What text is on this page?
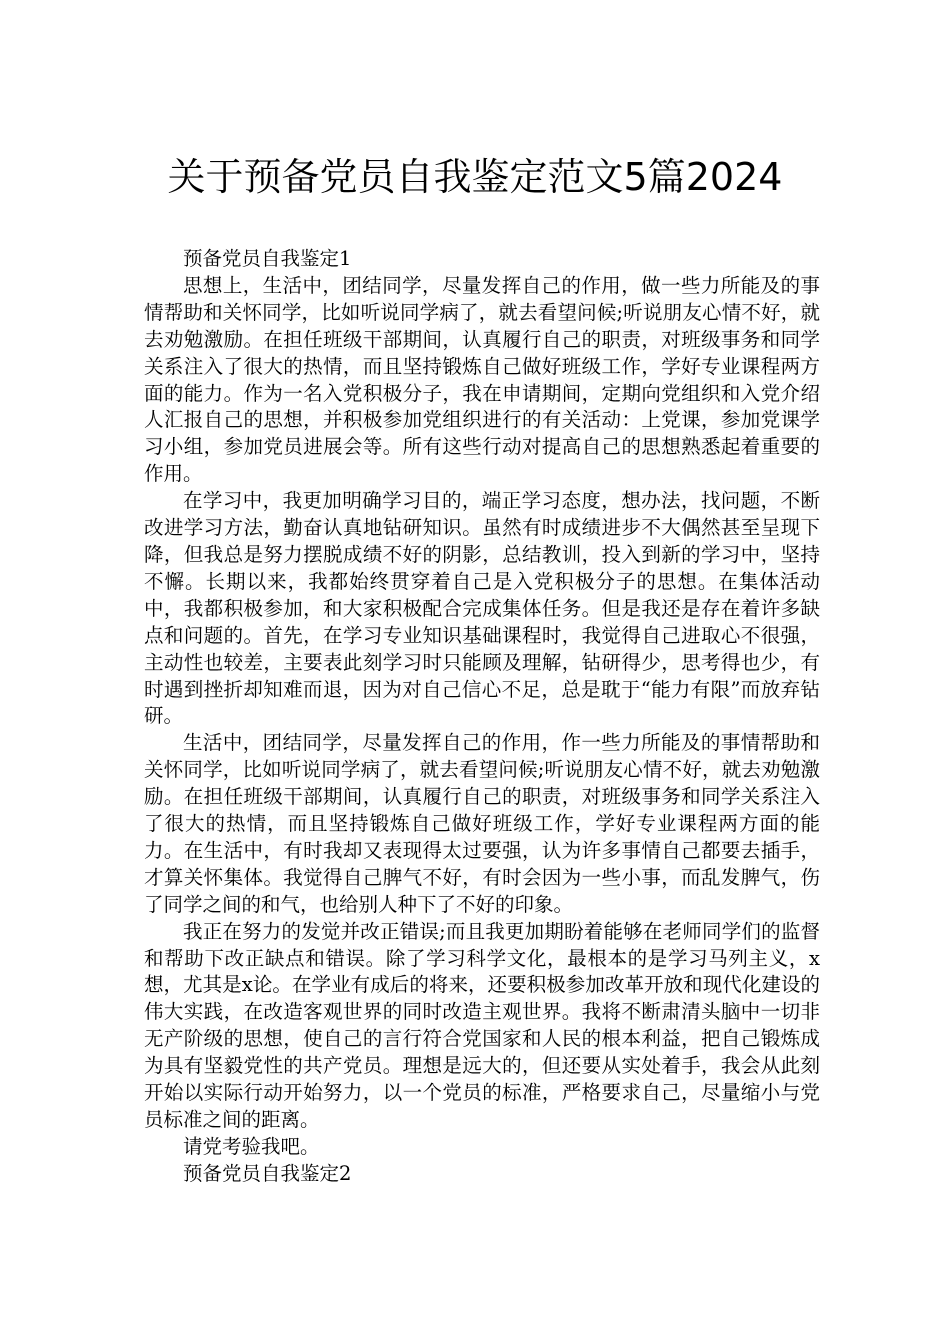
关于预备党员自我鉴定范文5篇2024

预备党员自我鉴定1

思想上，生活中，团结同学，尽量发挥自己的作用，做一些力所能及的事情帮助和关怀同学，比如听说同学病了，就去看望问候;听说朋友心情不好，就去劝勉激励。在担任班级干部期间，认真履行自己的职责，对班级事务和同学关系注入了很大的热情，而且坚持锻炼自己做好班级工作，学好专业课程两方面的能力。作为一名入党积极分子，我在申请期间，定期向党组织和入党介绍人汇报自己的思想，并积极参加党组织进行的有关活动：上党课，参加党课学习小组，参加党员进展会等。所有这些行动对提高自己的思想熟悉起着重要的作用。

在学习中，我更加明确学习目的，端正学习态度，想办法，找问题，不断改进学习方法，勤奋认真地钻研知识。虽然有时成绩进步不大偶然甚至呈现下降，但我总是努力摆脱成绩不好的阴影，总结教训，投入到新的学习中，坚持不懈。长期以来，我都始终贯穿着自己是入党积极分子的思想。在集体活动中，我都积极参加，和大家积极配合完成集体任务。但是我还是存在着许多缺点和问题的。首先，在学习专业知识基础课程时，我觉得自己进取心不很强，主动性也较差，主要表此刻学习时只能顾及理解，钻研得少，思考得也少，有时遇到挫折却知难而退，因为对自己信心不足，总是耽于“能力有限”而放弃钻研。

生活中，团结同学，尽量发挥自己的作用，作一些力所能及的事情帮助和关怀同学，比如听说同学病了，就去看望问候;听说朋友心情不好，就去劝勉激励。在担任班级干部期间，认真履行自己的职责，对班级事务和同学关系注入了很大的热情，而且坚持锻炼自己做好班级工作，学好专业课程两方面的能力。在生活中，有时我却又表现得太过要强，认为许多事情自己都要去插手，才算关怀集体。我觉得自己脾气不好，有时会因为一些小事，而乱发脾气，伤了同学之间的和气，也给别人种下了不好的印象。

我正在努力的发觉并改正错误;而且我更加期盼着能够在老师同学们的监督和帮助下改正缺点和错误。除了学习科学文化，最根本的是学习马列主义，x想，尤其是x论。在学业有成后的将来，还要积极参加改革开放和现代化建设的伟大实践，在改造客观世界的同时改造主观世界。我将不断肃清头脑中一切非无产阶级的思想，使自己的言行符合党国家和人民的根本利益，把自己锻炼成为具有坚毅党性的共产党员。理想是远大的，但还要从实处着手，我会从此刻开始以实际行动开始努力，以一个党员的标准，严格要求自己，尽量缩小与党员标准之间的距离。

请党考验我吧。

预备党员自我鉴定2
